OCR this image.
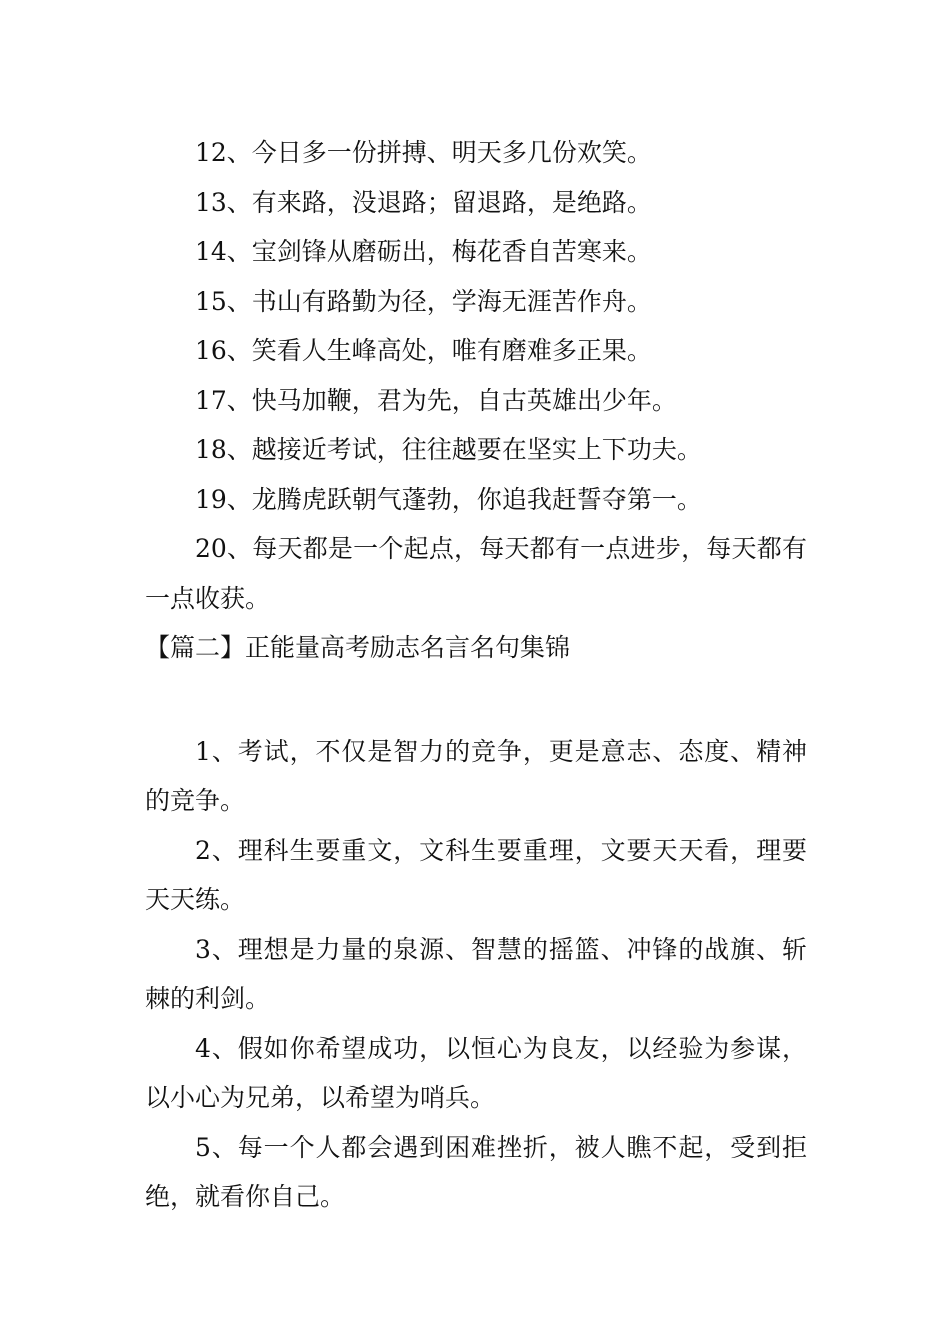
12、今日多一份拼搏、明天多几份欢笑。

13、有来路，没退路；留退路，是绝路。

14、宝剑锋从磨砺出，梅花香自苦寒来。

15、书山有路勤为径，学海无涯苦作舟。

16、笑看人生峰高处，唯有磨难多正果。

17、快马加鞭，君为先，自古英雄出少年。

18、越接近考试，往往越要在坚实上下功夫。

19、龙腾虎跃朝气蓬勃，你追我赶誓夺第一。

20、每天都是一个起点，每天都有一点进步，每天都有一点收获。

【篇二】正能量高考励志名言名句集锦

1、考试，不仅是智力的竞争，更是意志、态度、精神的竞争。

2、理科生要重文，文科生要重理，文要天天看，理要天天练。

3、理想是力量的泉源、智慧的摇篮、冲锋的战旗、斩棘的利剑。

4、假如你希望成功，以恒心为良友，以经验为参谋，以小心为兄弟，以希望为哨兵。

5、每一个人都会遇到困难挫折，被人瞧不起，受到拒绝，就看你自己。
